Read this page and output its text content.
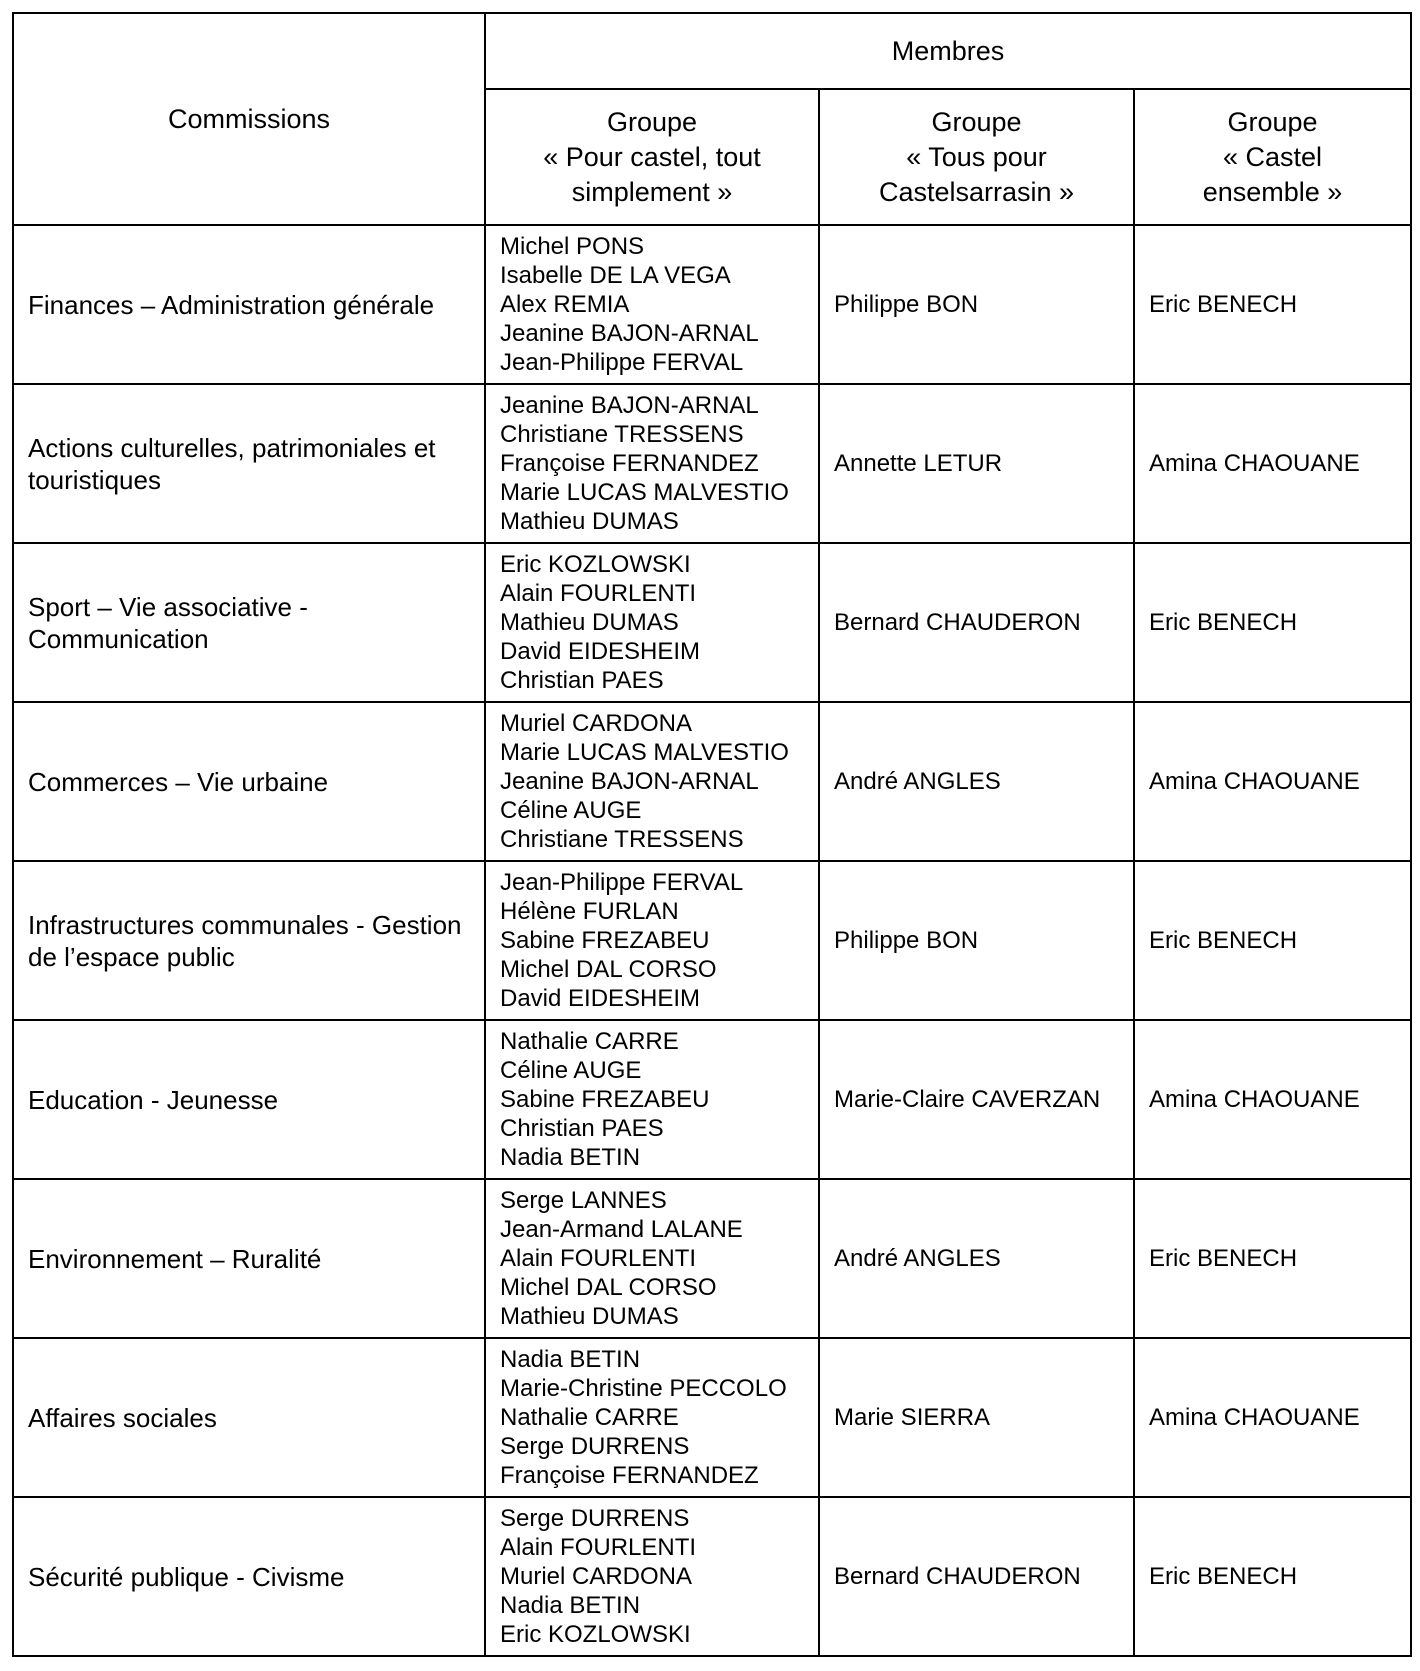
Commissions	Membres		

	Groupe
« Pour castel, tout
simplement »	Groupe
« Tous pour
Castelsarrasin »	Groupe
« Castel
ensemble »

Finances – Administration générale	Michel PONS
Isabelle DE LA VEGA
Alex REMIA
Jeanine BAJON-ARNAL
Jean-Philippe FERVAL	Philippe BON	Eric BENECH
Actions culturelles, patrimoniales et touristiques	Jeanine BAJON-ARNAL
Christiane TRESSENS
Françoise FERNANDEZ
Marie LUCAS MALVESTIO
Mathieu DUMAS	Annette LETUR	Amina CHAOUANE
Sport – Vie associative - Communication	Eric KOZLOWSKI
Alain FOURLENTI
Mathieu DUMAS
David EIDESHEIM
Christian PAES	Bernard CHAUDERON	Eric BENECH
Commerces – Vie urbaine	Muriel CARDONA
Marie LUCAS MALVESTIO
Jeanine BAJON-ARNAL
Céline AUGE
Christiane TRESSENS	André ANGLES	Amina CHAOUANE
Infrastructures communales - Gestion de l’espace public	Jean-Philippe FERVAL
Hélène FURLAN
Sabine FREZABEU
Michel DAL CORSO
David EIDESHEIM	Philippe BON	Eric BENECH
Education - Jeunesse	Nathalie CARRE
Céline AUGE
Sabine FREZABEU
Christian PAES
Nadia BETIN	Marie-Claire CAVERZAN	Amina CHAOUANE
Environnement – Ruralité	Serge LANNES
Jean-Armand LALANE
Alain FOURLENTI
Michel DAL CORSO
Mathieu DUMAS	André ANGLES	Eric BENECH
Affaires sociales	Nadia BETIN
Marie-Christine PECCOLO
Nathalie CARRE
Serge DURRENS
Françoise FERNANDEZ	Marie SIERRA	Amina CHAOUANE
Sécurité publique - Civisme	Serge DURRENS
Alain FOURLENTI
Muriel CARDONA
Nadia BETIN
Eric KOZLOWSKI	Bernard CHAUDERON	Eric BENECH
